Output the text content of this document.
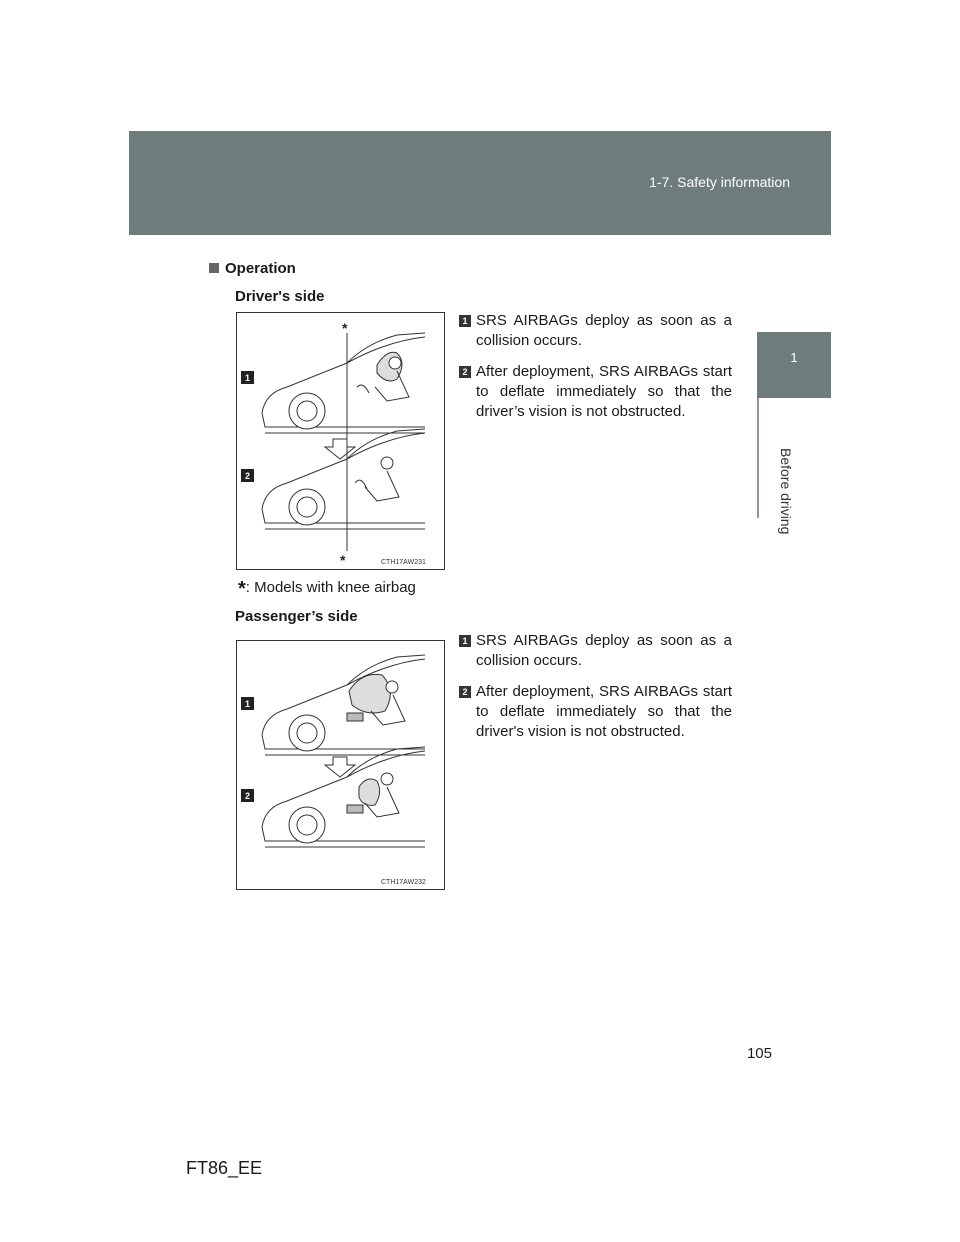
1-7. Safety information
1
Before driving
Operation
Driver's side
1
2
*
*	CTH17AW231
1 SRS AIRBAGs deploy as soon as a collision occurs.
2 After deployment, SRS AIRBAGs start to deflate immediately so that the driver’s vision is not obstructed.
*: Models with knee airbag
Passenger’s side
1
2
CTH17AW232
1 SRS AIRBAGs deploy as soon as a collision occurs.
2 After deployment, SRS AIRBAGs start to deflate immediately so that the driver's vision is not obstructed.
105
FT86_EE
